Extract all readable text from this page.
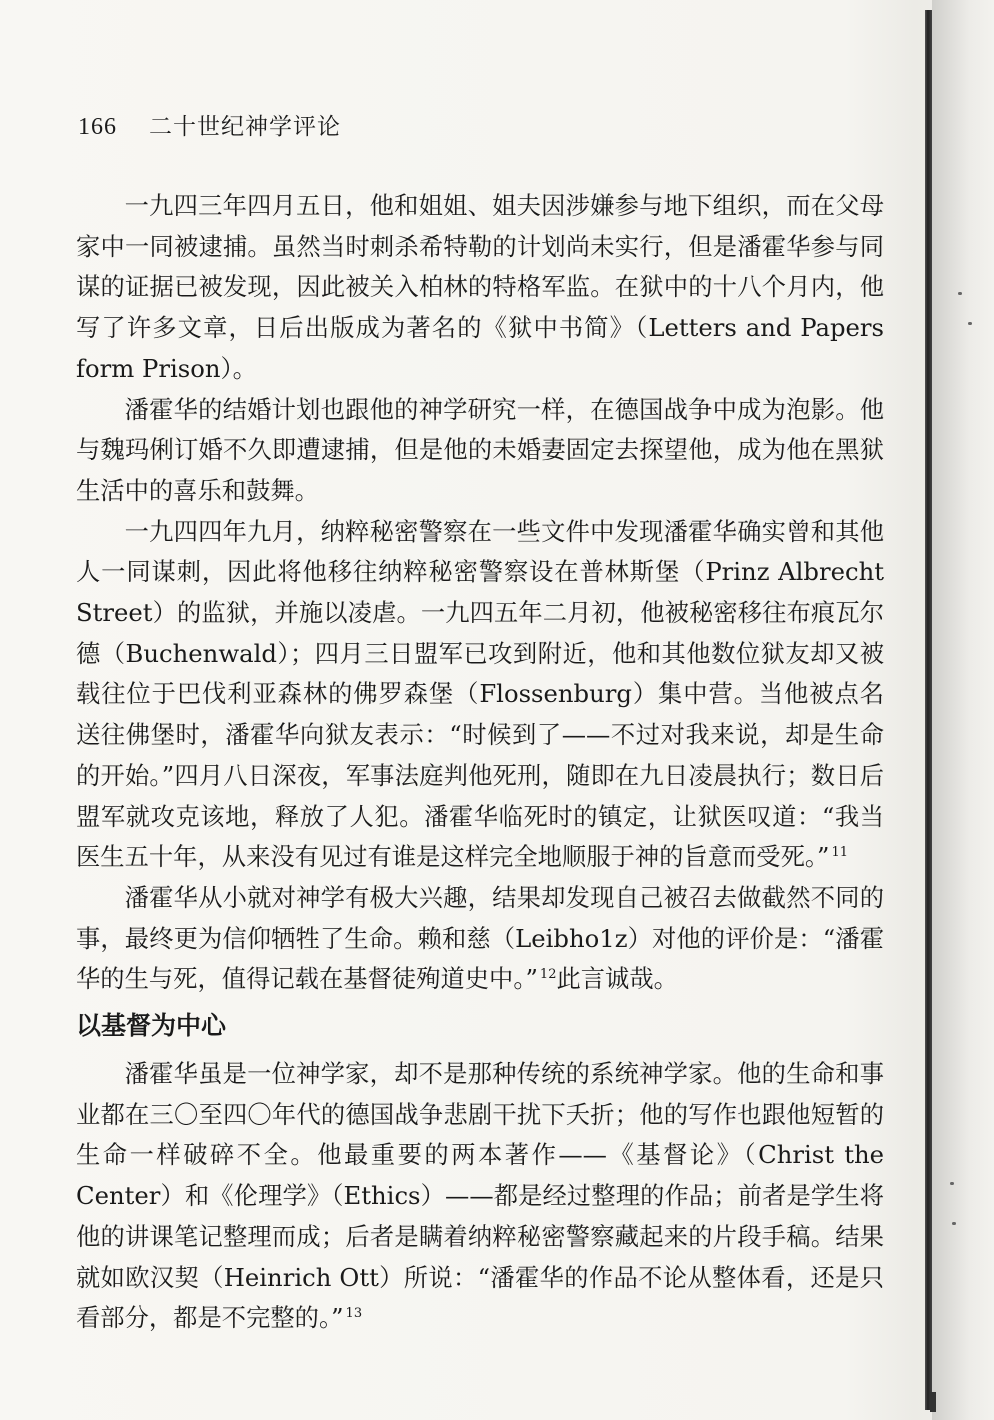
166 二十世纪神学评论

一九四三年四月五日，他和姐姐、姐夫因涉嫌参与地下组织，而在父母家中一同被逮捕。虽然当时刺杀希特勒的计划尚未实行，但是潘霍华参与同谋的证据已被发现，因此被关入柏林的特格军监。在狱中的十八个月内，他写了许多文章，日后出版成为著名的《狱中书简》（Letters and Papers form Prison）。

潘霍华的结婚计划也跟他的神学研究一样，在德国战争中成为泡影。他与魏玛俐订婚不久即遭逮捕，但是他的未婚妻固定去探望他，成为他在黑狱生活中的喜乐和鼓舞。

一九四四年九月，纳粹秘密警察在一些文件中发现潘霍华确实曾和其他人一同谋刺，因此将他移往纳粹秘密警察设在普林斯堡（Prinz Albrecht Street）的监狱，并施以凌虐。一九四五年二月初，他被秘密移往布痕瓦尔德（Buchenwald）；四月三日盟军已攻到附近，他和其他数位狱友却又被载往位于巴伐利亚森林的佛罗森堡（Flossenburg）集中营。当他被点名送往佛堡时，潘霍华向狱友表示：“时候到了——不过对我来说，却是生命的开始。”四月八日深夜，军事法庭判他死刑，随即在九日凌晨执行；数日后盟军就攻克该地，释放了人犯。潘霍华临死时的镇定，让狱医叹道：“我当医生五十年，从来没有见过有谁是这样完全地顺服于神的旨意而受死。” $^{11}$

潘霍华从小就对神学有极大兴趣，结果却发现自己被召去做截然不同的事，最终更为信仰牺牲了生命。赖和慈（Leibho1z）对他的评价是：“潘霍华的生与死，值得记载在基督徒殉道史中。” $^{12}$此言诚哉。

以基督为中心

潘霍华虽是一位神学家，却不是那种传统的系统神学家。他的生命和事业都在三〇至四〇年代的德国战争悲剧干扰下夭折；他的写作也跟他短暂的生命一样破碎不全。他最重要的两本著作——《基督论》（Christ the Center）和《伦理学》（Ethics）——都是经过整理的作品；前者是学生将他的讲课笔记整理而成；后者是瞒着纳粹秘密警察藏起来的片段手稿。结果就如欧汉契（Heinrich Ott）所说：“潘霍华的作品不论从整体看，还是只看部分，都是不完整的。” $^{13}$
